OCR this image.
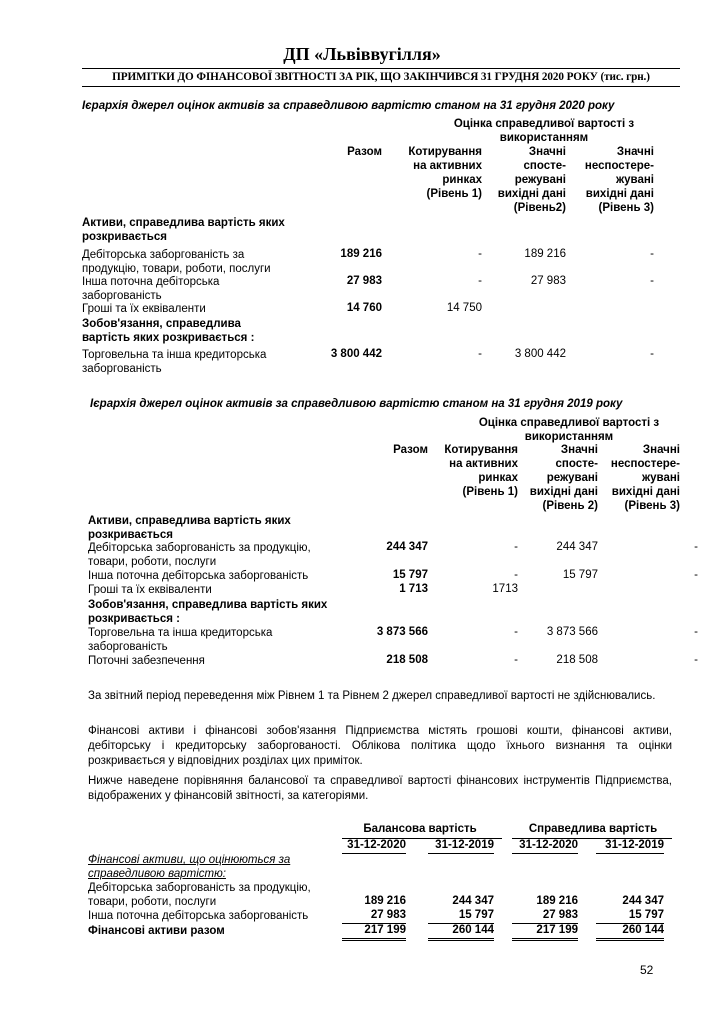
ДП «Львіввугілля»
ПРИМІТКИ ДО ФІНАНСОВОЇ ЗВІТНОСТІ ЗА РІК, ЩО ЗАКІНЧИВСЯ 31 ГРУДНЯ 2020 РОКУ (тис. грн.)
Ієрархія джерел оцінок активів за справедливою вартістю станом на 31 грудня 2020 року
Оцінка справедливої вартості з використанням
Разом	Котирування
на активних
ринках
(Рівень 1)
Значні
спосте-
режувані
вихідні дані
(Рівень2)
Значні
неспостере-
жувані
вихідні дані
(Рівень 3)
Активи, справедлива вартість яких
розкривається
Дебіторська заборгованість за
продукцію, товари, роботи, послуги
189 216	-	189 216	-
Інша поточна дебіторська
заборгованість
27 983	-	27 983	-
Гроші та їх еквіваленти	14 760	14 750
Зобов'язання, справедлива
вартість яких розкривається :
Торговельна та інша кредиторська
заборгованість
3 800 442	-	3 800 442	-
Ієрархія джерел оцінок активів за справедливою вартістю станом на 31 грудня 2019 року
Оцінка справедливої вартості з використанням
Разом	Котирування
на активних
ринках
(Рівень 1)
Значні
спосте-
режувані
вихідні дані
(Рівень 2)
Значні
неспостере-
жувані
вихідні дані
(Рівень 3)
Активи, справедлива вартість яких
розкривається
Дебіторська заборгованість за продукцію,
товари, роботи, послуги
244 347	-	244 347	-
Інша поточна дебіторська заборгованість	15 797	-	15 797	-
Гроші та їх еквіваленти	1 713	1713
Зобов'язання, справедлива вартість яких
розкривається :
Торговельна та інша кредиторська
заборгованість
3 873 566	-	3 873 566	-
Поточні забезпечення	218 508	-	218 508	-
За звітний період переведення між Рівнем 1 та Рівнем 2 джерел справедливої вартості не здійснювались.
Фінансові активи і фінансові зобов'язання Підприємства містять грошові кошти, фінансові активи, дебіторську і кредиторську заборгованості. Облікова політика щодо їхнього визнання та оцінки розкривається у відповідних розділах цих приміток.
Нижче наведене порівняння балансової та справедливої вартості фінансових інструментів Підприємства, відображених у фінансовій звітності, за категоріями.
Балансова вартість	Справедлива вартість
31-12-2020	31-12-2019	31-12-2020	31-12-2019
Фінансові активи, що оцінюються за
справедливою вартістю:
Дебіторська заборгованість за продукцію,
товари, роботи, послуги	189 216	244 347	189 216	244 347
Інша поточна дебіторська заборгованість	27 983	15 797	27 983	15 797
Фінансові активи разом	217 199	260 144	217 199	260 144
52
